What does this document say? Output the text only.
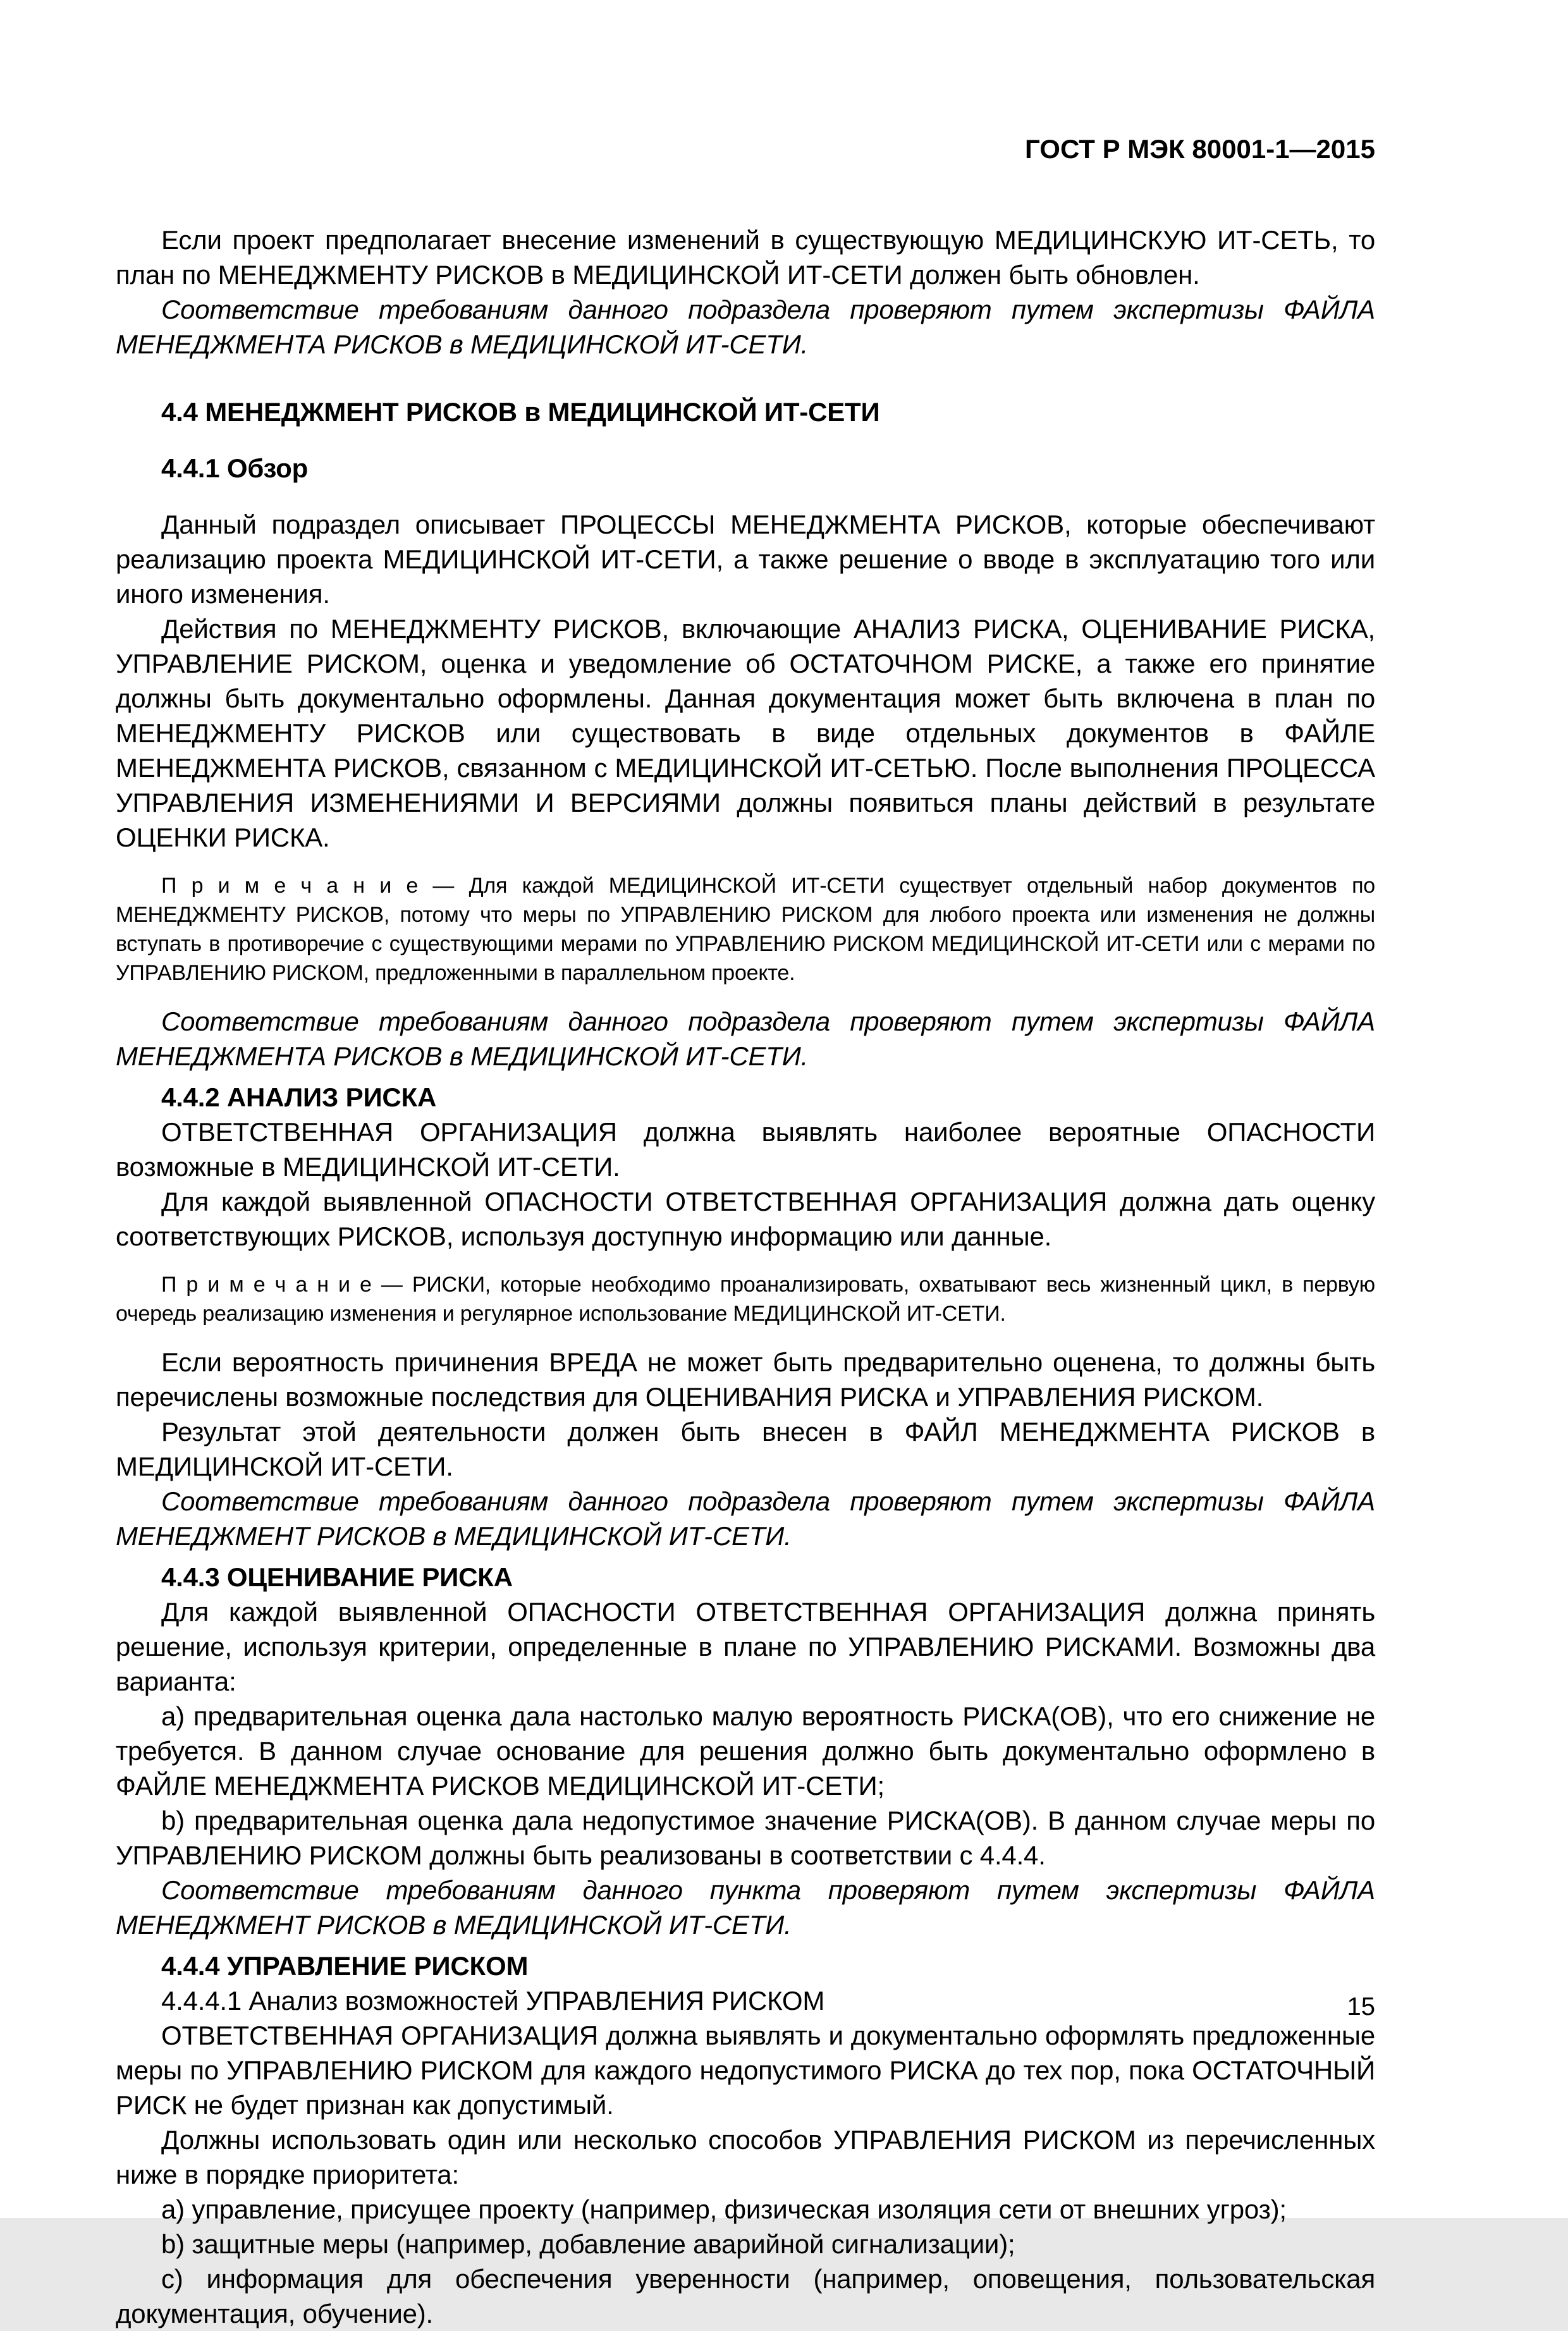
ГОСТ Р МЭК 80001-1—2015

Если проект предполагает внесение изменений в существующую МЕДИЦИНСКУЮ ИТ-СЕТЬ, то план по МЕНЕДЖМЕНТУ РИСКОВ в МЕДИЦИНСКОЙ ИТ-СЕТИ должен быть обновлен.

Соответствие требованиям данного подраздела проверяют путем экспертизы ФАЙЛА МЕНЕДЖМЕНТА РИСКОВ в МЕДИЦИНСКОЙ ИТ-СЕТИ.

4.4 МЕНЕДЖМЕНТ РИСКОВ в МЕДИЦИНСКОЙ ИТ-СЕТИ

4.4.1 Обзор

Данный подраздел описывает ПРОЦЕССЫ МЕНЕДЖМЕНТА РИСКОВ, которые обеспечивают реализацию проекта МЕДИЦИНСКОЙ ИТ-СЕТИ, а также решение о вводе в эксплуатацию того или иного изменения.

Действия по МЕНЕДЖМЕНТУ РИСКОВ, включающие АНАЛИЗ РИСКА, ОЦЕНИВАНИЕ РИСКА, УПРАВЛЕНИЕ РИСКОМ, оценка и уведомление об ОСТАТОЧНОМ РИСКЕ, а также его принятие должны быть документально оформлены. Данная документация может быть включена в план по МЕНЕДЖМЕНТУ РИСКОВ или существовать в виде отдельных документов в ФАЙЛЕ МЕНЕДЖМЕНТА РИСКОВ, связанном с МЕДИЦИНСКОЙ ИТ-СЕТЬЮ. После выполнения ПРОЦЕССА УПРАВЛЕНИЯ ИЗМЕНЕНИЯМИ И ВЕРСИЯМИ должны появиться планы действий в результате ОЦЕНКИ РИСКА.

П р и м е ч а н и е — Для каждой МЕДИЦИНСКОЙ ИТ-СЕТИ существует отдельный набор документов по МЕНЕДЖМЕНТУ РИСКОВ, потому что меры по УПРАВЛЕНИЮ РИСКОМ для любого проекта или изменения не должны вступать в противоречие с существующими мерами по УПРАВЛЕНИЮ РИСКОМ МЕДИЦИНСКОЙ ИТ-СЕТИ или с мерами по УПРАВЛЕНИЮ РИСКОМ, предложенными в параллельном проекте.

Соответствие требованиям данного подраздела проверяют путем экспертизы ФАЙЛА МЕНЕДЖМЕНТА РИСКОВ в МЕДИЦИНСКОЙ ИТ-СЕТИ.

4.4.2 АНАЛИЗ РИСКА

ОТВЕТСТВЕННАЯ ОРГАНИЗАЦИЯ должна выявлять наиболее вероятные ОПАСНОСТИ возможные в МЕДИЦИНСКОЙ ИТ-СЕТИ.

Для каждой выявленной ОПАСНОСТИ ОТВЕТСТВЕННАЯ ОРГАНИЗАЦИЯ должна дать оценку соответствующих РИСКОВ, используя доступную информацию или данные.

П р и м е ч а н и е — РИСКИ, которые необходимо проанализировать, охватывают весь жизненный цикл, в первую очередь реализацию изменения и регулярное использование МЕДИЦИНСКОЙ ИТ-СЕТИ.

Если вероятность причинения ВРЕДА не может быть предварительно оценена, то должны быть перечислены возможные последствия для ОЦЕНИВАНИЯ РИСКА и УПРАВЛЕНИЯ РИСКОМ.

Результат этой деятельности должен быть внесен в ФАЙЛ МЕНЕДЖМЕНТА РИСКОВ в МЕДИЦИНСКОЙ ИТ-СЕТИ.

Соответствие требованиям данного подраздела проверяют путем экспертизы ФАЙЛА МЕНЕДЖМЕНТ РИСКОВ в МЕДИЦИНСКОЙ ИТ-СЕТИ.

4.4.3 ОЦЕНИВАНИЕ РИСКА

Для каждой выявленной ОПАСНОСТИ ОТВЕТСТВЕННАЯ ОРГАНИЗАЦИЯ должна принять решение, используя критерии, определенные в плане по УПРАВЛЕНИЮ РИСКАМИ. Возможны два варианта:

a) предварительная оценка дала настолько малую вероятность РИСКА(ОВ), что его снижение не требуется. В данном случае основание для решения должно быть документально оформлено в ФАЙЛЕ МЕНЕДЖМЕНТА РИСКОВ МЕДИЦИНСКОЙ ИТ-СЕТИ;

b) предварительная оценка дала недопустимое значение РИСКА(ОВ). В данном случае меры по УПРАВЛЕНИЮ РИСКОМ должны быть реализованы в соответствии с 4.4.4.

Соответствие требованиям данного пункта проверяют путем экспертизы ФАЙЛА МЕНЕДЖМЕНТ РИСКОВ в МЕДИЦИНСКОЙ ИТ-СЕТИ.

4.4.4 УПРАВЛЕНИЕ РИСКОМ

4.4.4.1 Анализ возможностей УПРАВЛЕНИЯ РИСКОМ

ОТВЕТСТВЕННАЯ ОРГАНИЗАЦИЯ должна выявлять и документально оформлять предложенные меры по УПРАВЛЕНИЮ РИСКОМ для каждого недопустимого РИСКА до тех пор, пока ОСТАТОЧНЫЙ РИСК не будет признан как допустимый.

Должны использовать один или несколько способов УПРАВЛЕНИЯ РИСКОМ из перечисленных ниже в порядке приоритета:

a) управление, присущее проекту (например, физическая изоляция сети от внешних угроз);

b) защитные меры (например, добавление аварийной сигнализации);

c) информация для обеспечения уверенности (например, оповещения, пользовательская документация, обучение).

15
